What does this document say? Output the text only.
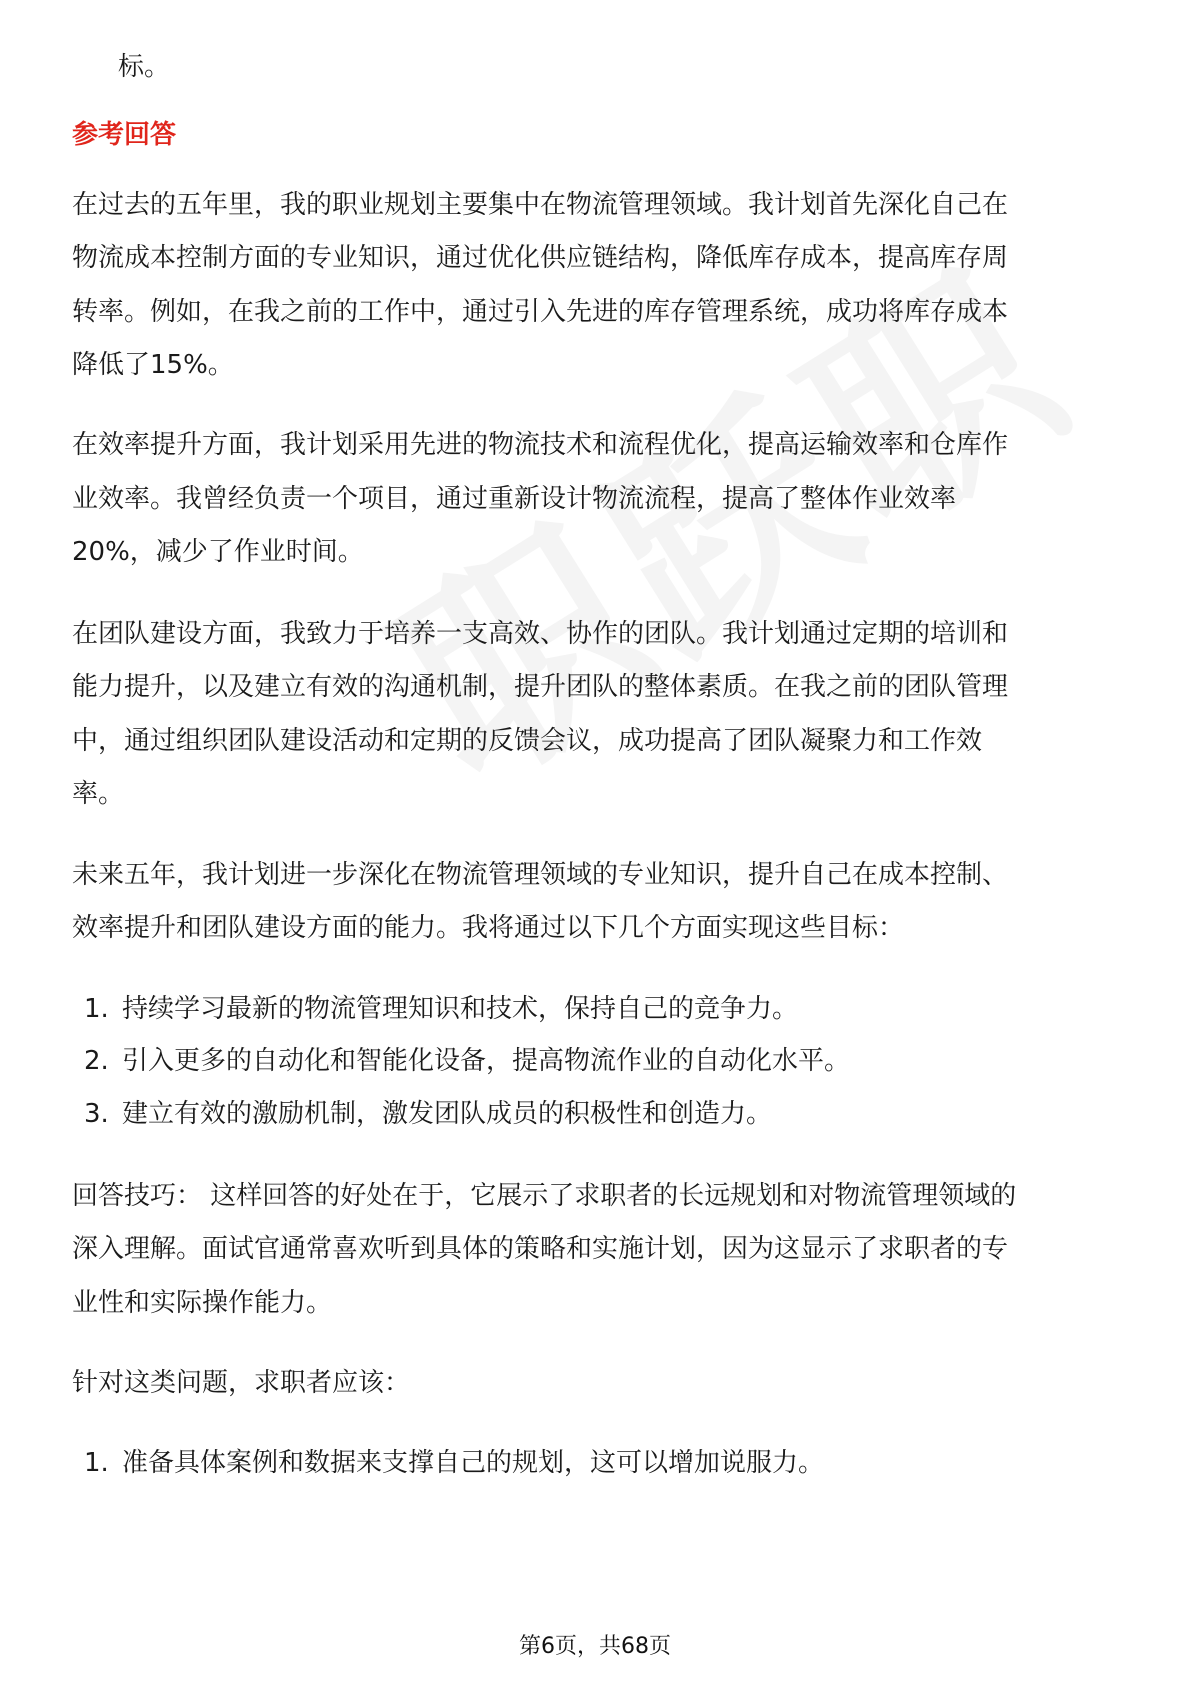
标。
参考回答
在过去的五年里，我的职业规划主要集中在物流管理领域。我计划首先深化自己在
物流成本控制方面的专业知识，通过优化供应链结构，降低库存成本，提高库存周
转率。例如，在我之前的工作中，通过引入先进的库存管理系统，成功将库存成本
降低了15%。
在效率提升方面，我计划采用先进的物流技术和流程优化，提高运输效率和仓库作
业效率。我曾经负责一个项目，通过重新设计物流流程，提高了整体作业效率
20%，减少了作业时间。
在团队建设方面，我致力于培养一支高效、协作的团队。我计划通过定期的培训和
能力提升，以及建立有效的沟通机制，提升团队的整体素质。在我之前的团队管理
中，通过组织团队建设活动和定期的反馈会议，成功提高了团队凝聚力和工作效
率。
未来五年，我计划进一步深化在物流管理领域的专业知识，提升自己在成本控制、
效率提升和团队建设方面的能力。我将通过以下几个方面实现这些目标：
1. 持续学习最新的物流管理知识和技术，保持自己的竞争力。
2. 引入更多的自动化和智能化设备，提高物流作业的自动化水平。
3. 建立有效的激励机制，激发团队成员的积极性和创造力。
回答技巧： 这样回答的好处在于，它展示了求职者的长远规划和对物流管理领域的
深入理解。面试官通常喜欢听到具体的策略和实施计划，因为这显示了求职者的专
业性和实际操作能力。
针对这类问题，求职者应该：
1. 准备具体案例和数据来支撑自己的规划，这可以增加说服力。
第6页，共68页
